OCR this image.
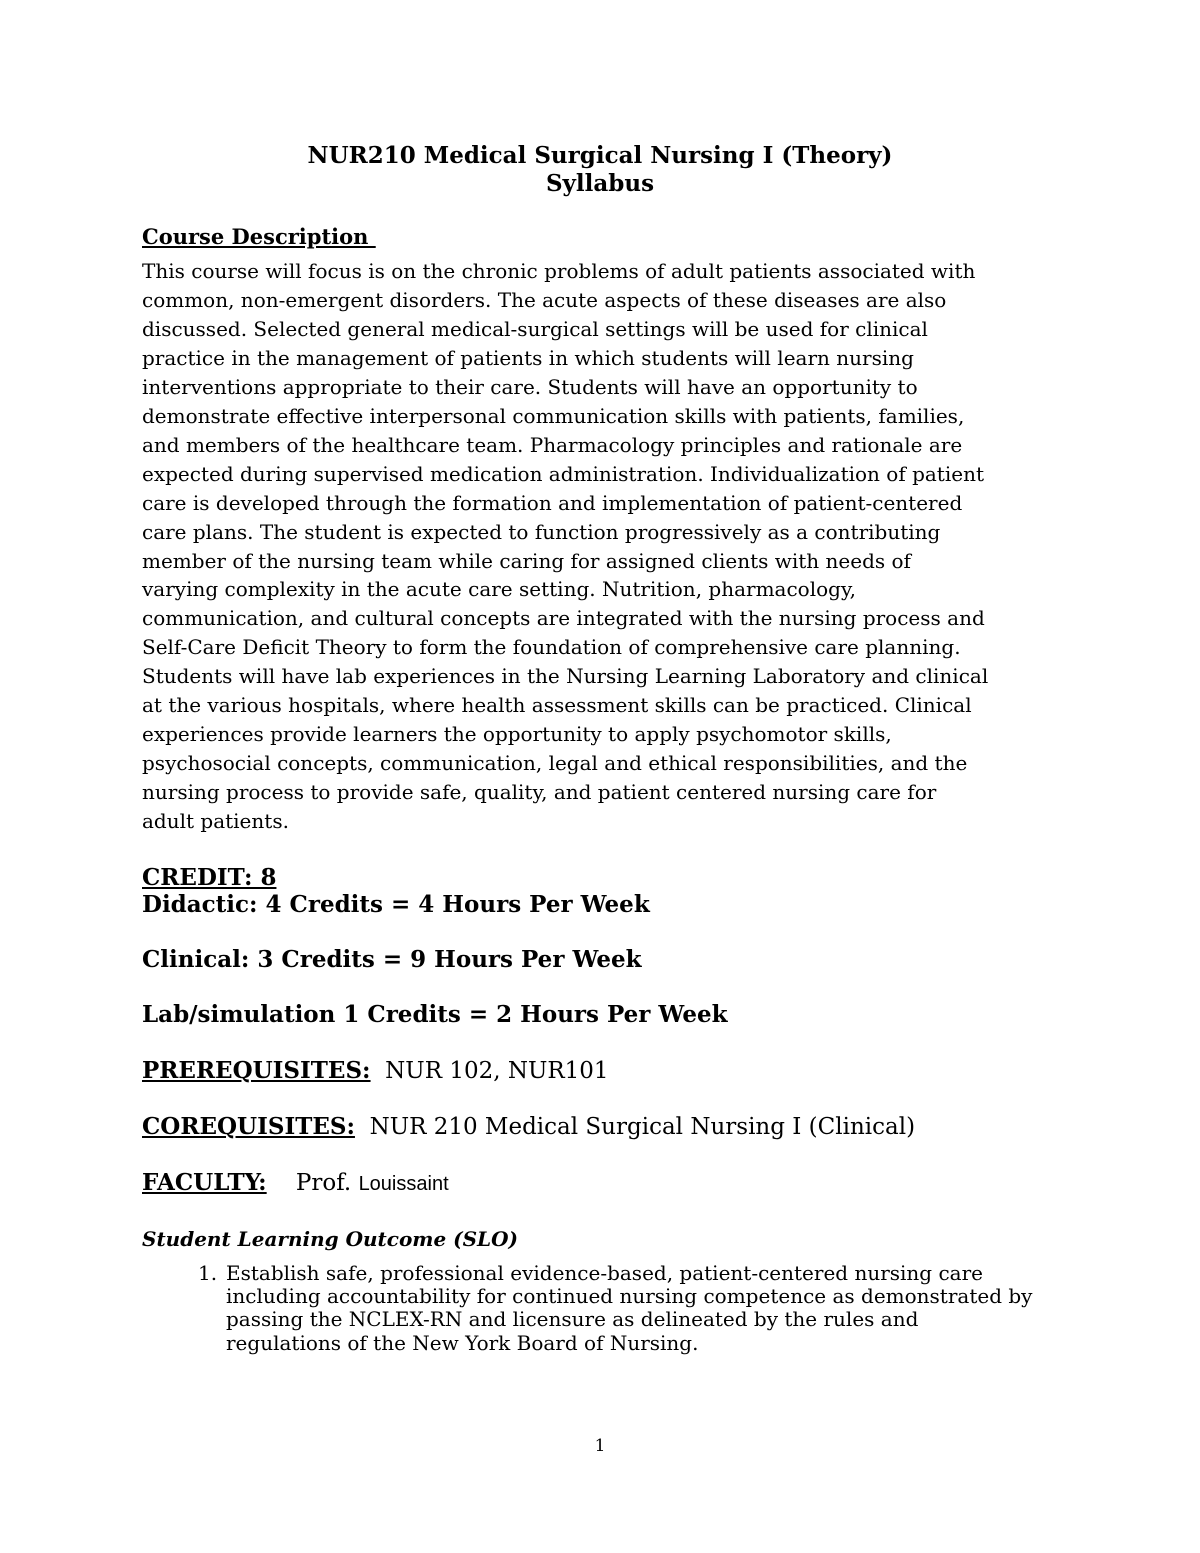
NUR210 Medical Surgical Nursing I (Theory)
Syllabus
Course Description
This course will focus is on the chronic problems of adult patients associated with
common, non-emergent disorders. The acute aspects of these diseases are also
discussed. Selected general medical-surgical settings will be used for clinical
practice in the management of patients in which students will learn nursing
interventions appropriate to their care. Students will have an opportunity to
demonstrate effective interpersonal communication skills with patients, families,
and members of the healthcare team. Pharmacology principles and rationale are
expected during supervised medication administration. Individualization of patient
care is developed through the formation and implementation of patient-centered
care plans. The student is expected to function progressively as a contributing
member of the nursing team while caring for assigned clients with needs of
varying complexity in the acute care setting. Nutrition, pharmacology,
communication, and cultural concepts are integrated with the nursing process and
Self-Care Deficit Theory to form the foundation of comprehensive care planning.
Students will have lab experiences in the Nursing Learning Laboratory and clinical
at the various hospitals, where health assessment skills can be practiced. Clinical
experiences provide learners the opportunity to apply psychomotor skills,
psychosocial concepts, communication, legal and ethical responsibilities, and the
nursing process to provide safe, quality, and patient centered nursing care for
adult patients.
CREDIT: 8
Didactic: 4 Credits = 4 Hours Per Week
Clinical: 3 Credits = 9 Hours Per Week
Lab/simulation 1 Credits = 2 Hours Per Week
PREREQUISITES:  NUR 102, NUR101
COREQUISITES:  NUR 210 Medical Surgical Nursing I (Clinical)
FACULTY:    Prof. Louissaint
Student Learning Outcome (SLO)
1. Establish safe, professional evidence-based, patient-centered nursing care
including accountability for continued nursing competence as demonstrated by
passing the NCLEX-RN and licensure as delineated by the rules and
regulations of the New York Board of Nursing.
1
